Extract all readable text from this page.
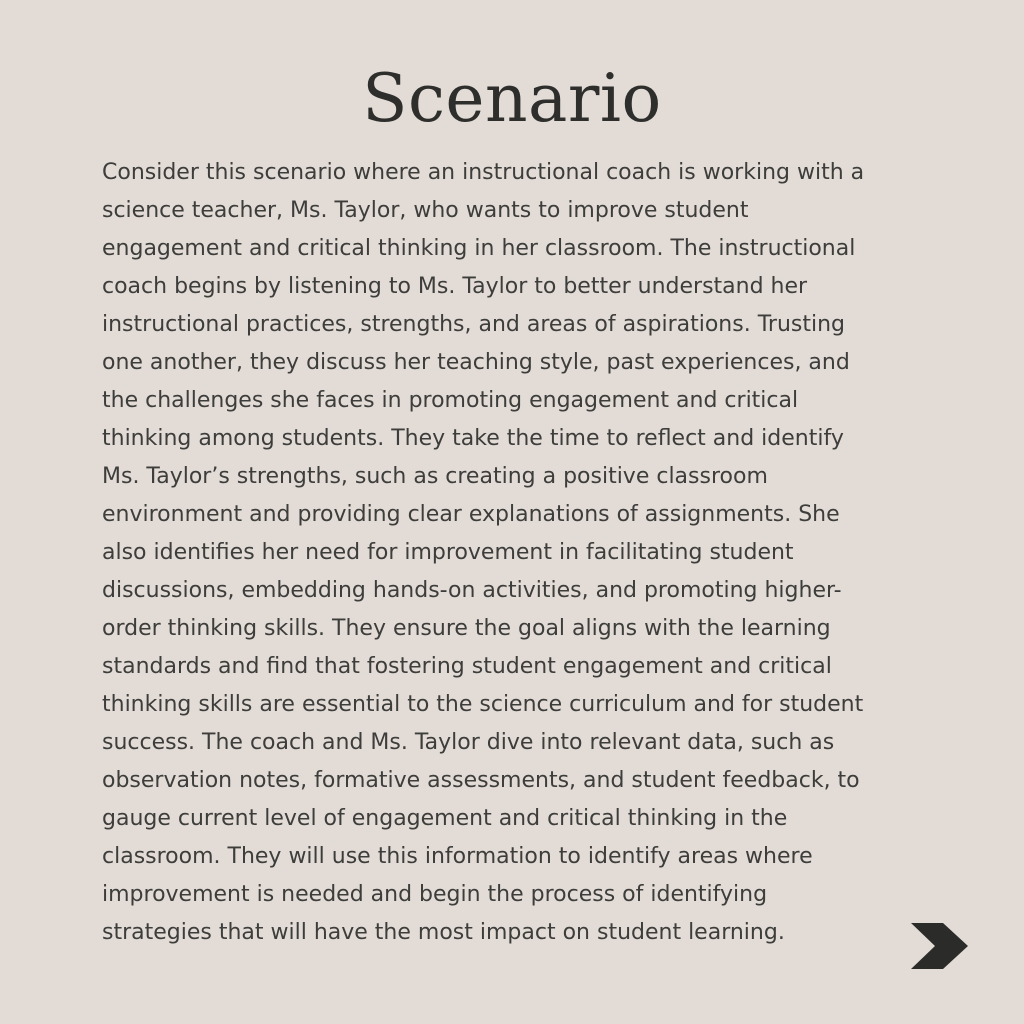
Scenario

Consider this scenario where an instructional coach is working with a
science teacher, Ms. Taylor, who wants to improve student
engagement and critical thinking in her classroom. The instructional
coach begins by listening to Ms. Taylor to better understand her
instructional practices, strengths, and areas of aspirations. Trusting
one another, they discuss her teaching style, past experiences, and
the challenges she faces in promoting engagement and critical
thinking among students. They take the time to reflect and identify
Ms. Taylor’s strengths, such as creating a positive classroom
environment and providing clear explanations of assignments. She
also identifies her need for improvement in facilitating student
discussions, embedding hands-on activities, and promoting higher-
order thinking skills. They ensure the goal aligns with the learning
standards and find that fostering student engagement and critical
thinking skills are essential to the science curriculum and for student
success. The coach and Ms. Taylor dive into relevant data, such as
observation notes, formative assessments, and student feedback, to
gauge current level of engagement and critical thinking in the
classroom. They will use this information to identify areas where
improvement is needed and begin the process of identifying
strategies that will have the most impact on student learning.
